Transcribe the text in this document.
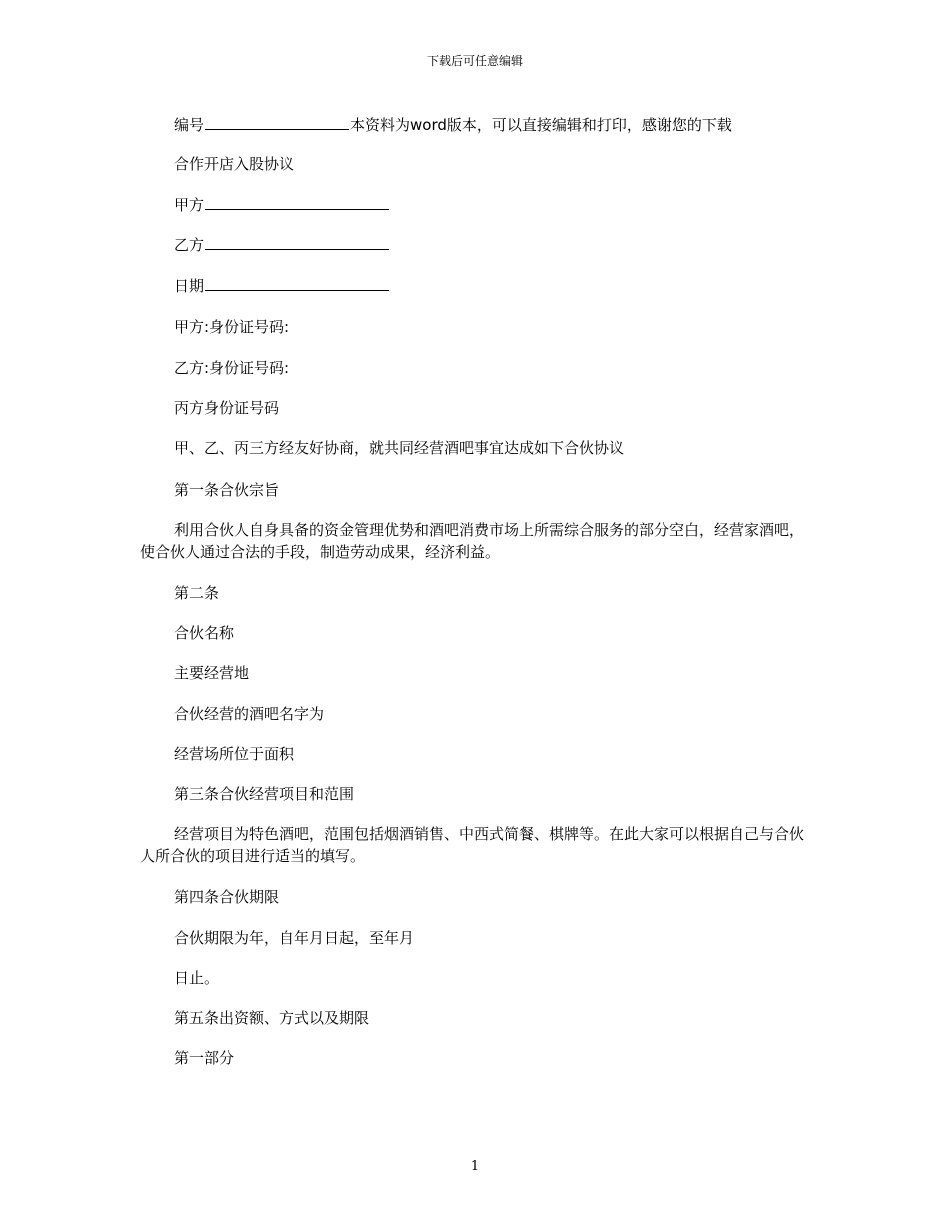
下载后可任意编辑
编号	本资料为word版本，可以直接编辑和打印，感谢您的下载
合作开店入股协议
甲方
乙方
日期
甲方:身份证号码:
乙方:身份证号码:
丙方身份证号码
甲、乙、丙三方经友好协商，就共同经营酒吧事宜达成如下合伙协议
第一条合伙宗旨
利用合伙人自身具备的资金管理优势和酒吧消费市场上所需综合服务的部分空白，经营家酒吧，使合伙人通过合法的手段，制造劳动成果，经济利益。
第二条
合伙名称
主要经营地
合伙经营的酒吧名字为
经营场所位于面积
第三条合伙经营项目和范围
经营项目为特色酒吧，范围包括烟酒销售、中西式简餐、棋牌等。在此大家可以根据自己与合伙人所合伙的项目进行适当的填写。
第四条合伙期限
合伙期限为年，自年月日起，至年月
日止。
第五条出资额、方式以及期限
第一部分
1
